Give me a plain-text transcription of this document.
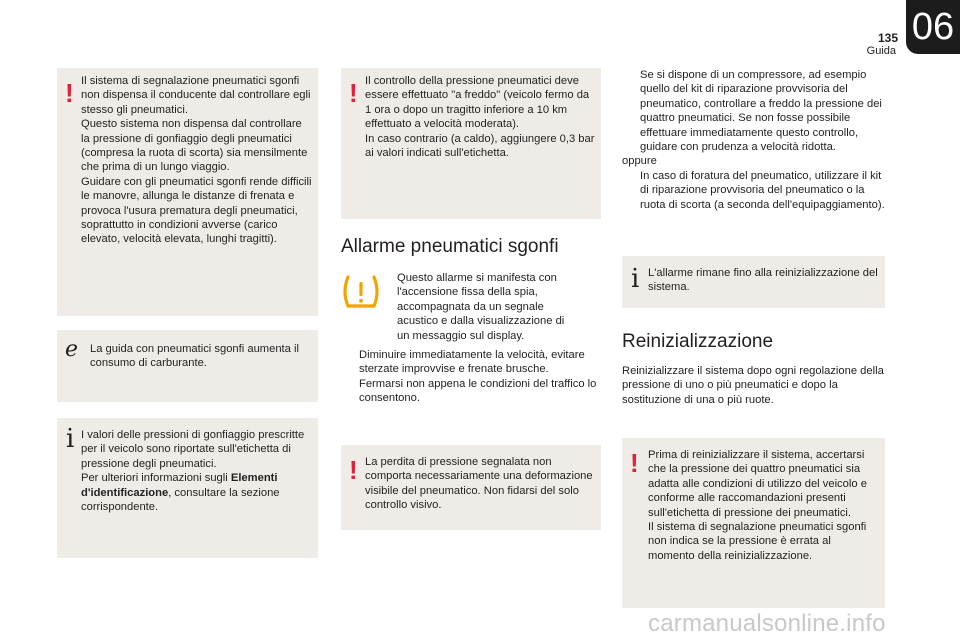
06
135
Guida
! Il sistema di segnalazione pneumatici sgonfi non dispensa il conducente dal controllare egli stesso gli pneumatici.

Questo sistema non dispensa dal controllare la pressione di gonfiaggio degli pneumatici (compresa la ruota di scorta) sia mensilmente che prima di un lungo viaggio.

Guidare con gli pneumatici sgonfi rende difficili le manovre, allunga le distanze di frenata e provoca l'usura prematura degli pneumatici, soprattutto in condizioni avverse (carico elevato, velocità elevata, lunghi tragitti).

ℯ La guida con pneumatici sgonfi aumenta il consumo di carburante.

i I valori delle pressioni di gonfiaggio prescritte per il veicolo sono riportate sull'etichetta di pressione degli pneumatici.

Per ulteriori informazioni sugli Elementi d'identificazione, consultare la sezione corrispondente.

! Il controllo della pressione pneumatici deve essere effettuato "a freddo" (veicolo fermo da 1 ora o dopo un tragitto inferiore a 10 km effettuato a velocità moderata).

In caso contrario (a caldo), aggiungere 0,3 bar ai valori indicati sull'etichetta.

Allarme pneumatici sgonfi

Questo allarme si manifesta con l'accensione fissa della spia, accompagnata da un segnale acustico e dalla visualizzazione di un messaggio sul display.

Diminuire immediatamente la velocità, evitare sterzate improvvise e frenate brusche.
Fermarsi non appena le condizioni del traffico lo consentono.
! La perdita di pressione segnalata non comporta necessariamente una deformazione visibile del pneumatico. Non fidarsi del solo controllo visivo.

Se si dispone di un compressore, ad esempio quello del kit di riparazione provvisoria del pneumatico, controllare a freddo la pressione dei quattro pneumatici. Se non fosse possibile effettuare immediatamente questo controllo, guidare con prudenza a velocità ridotta.

oppure

In caso di foratura del pneumatico, utilizzare il kit di riparazione provvisoria del pneumatico o la ruota di scorta (a seconda dell'equipaggiamento).
i L'allarme rimane fino alla reinizializzazione del sistema.

Reinizializzazione

Reinizializzare il sistema dopo ogni regolazione della pressione di uno o più pneumatici e dopo la sostituzione di una o più ruote.

! Prima di reinizializzare il sistema, accertarsi che la pressione dei quattro pneumatici sia adatta alle condizioni di utilizzo del veicolo e conforme alle raccomandazioni presenti sull'etichetta di pressione dei pneumatici.

Il sistema di segnalazione pneumatici sgonfi non indica se la pressione è errata al momento della reinizializzazione.

carmanualsonline.info
